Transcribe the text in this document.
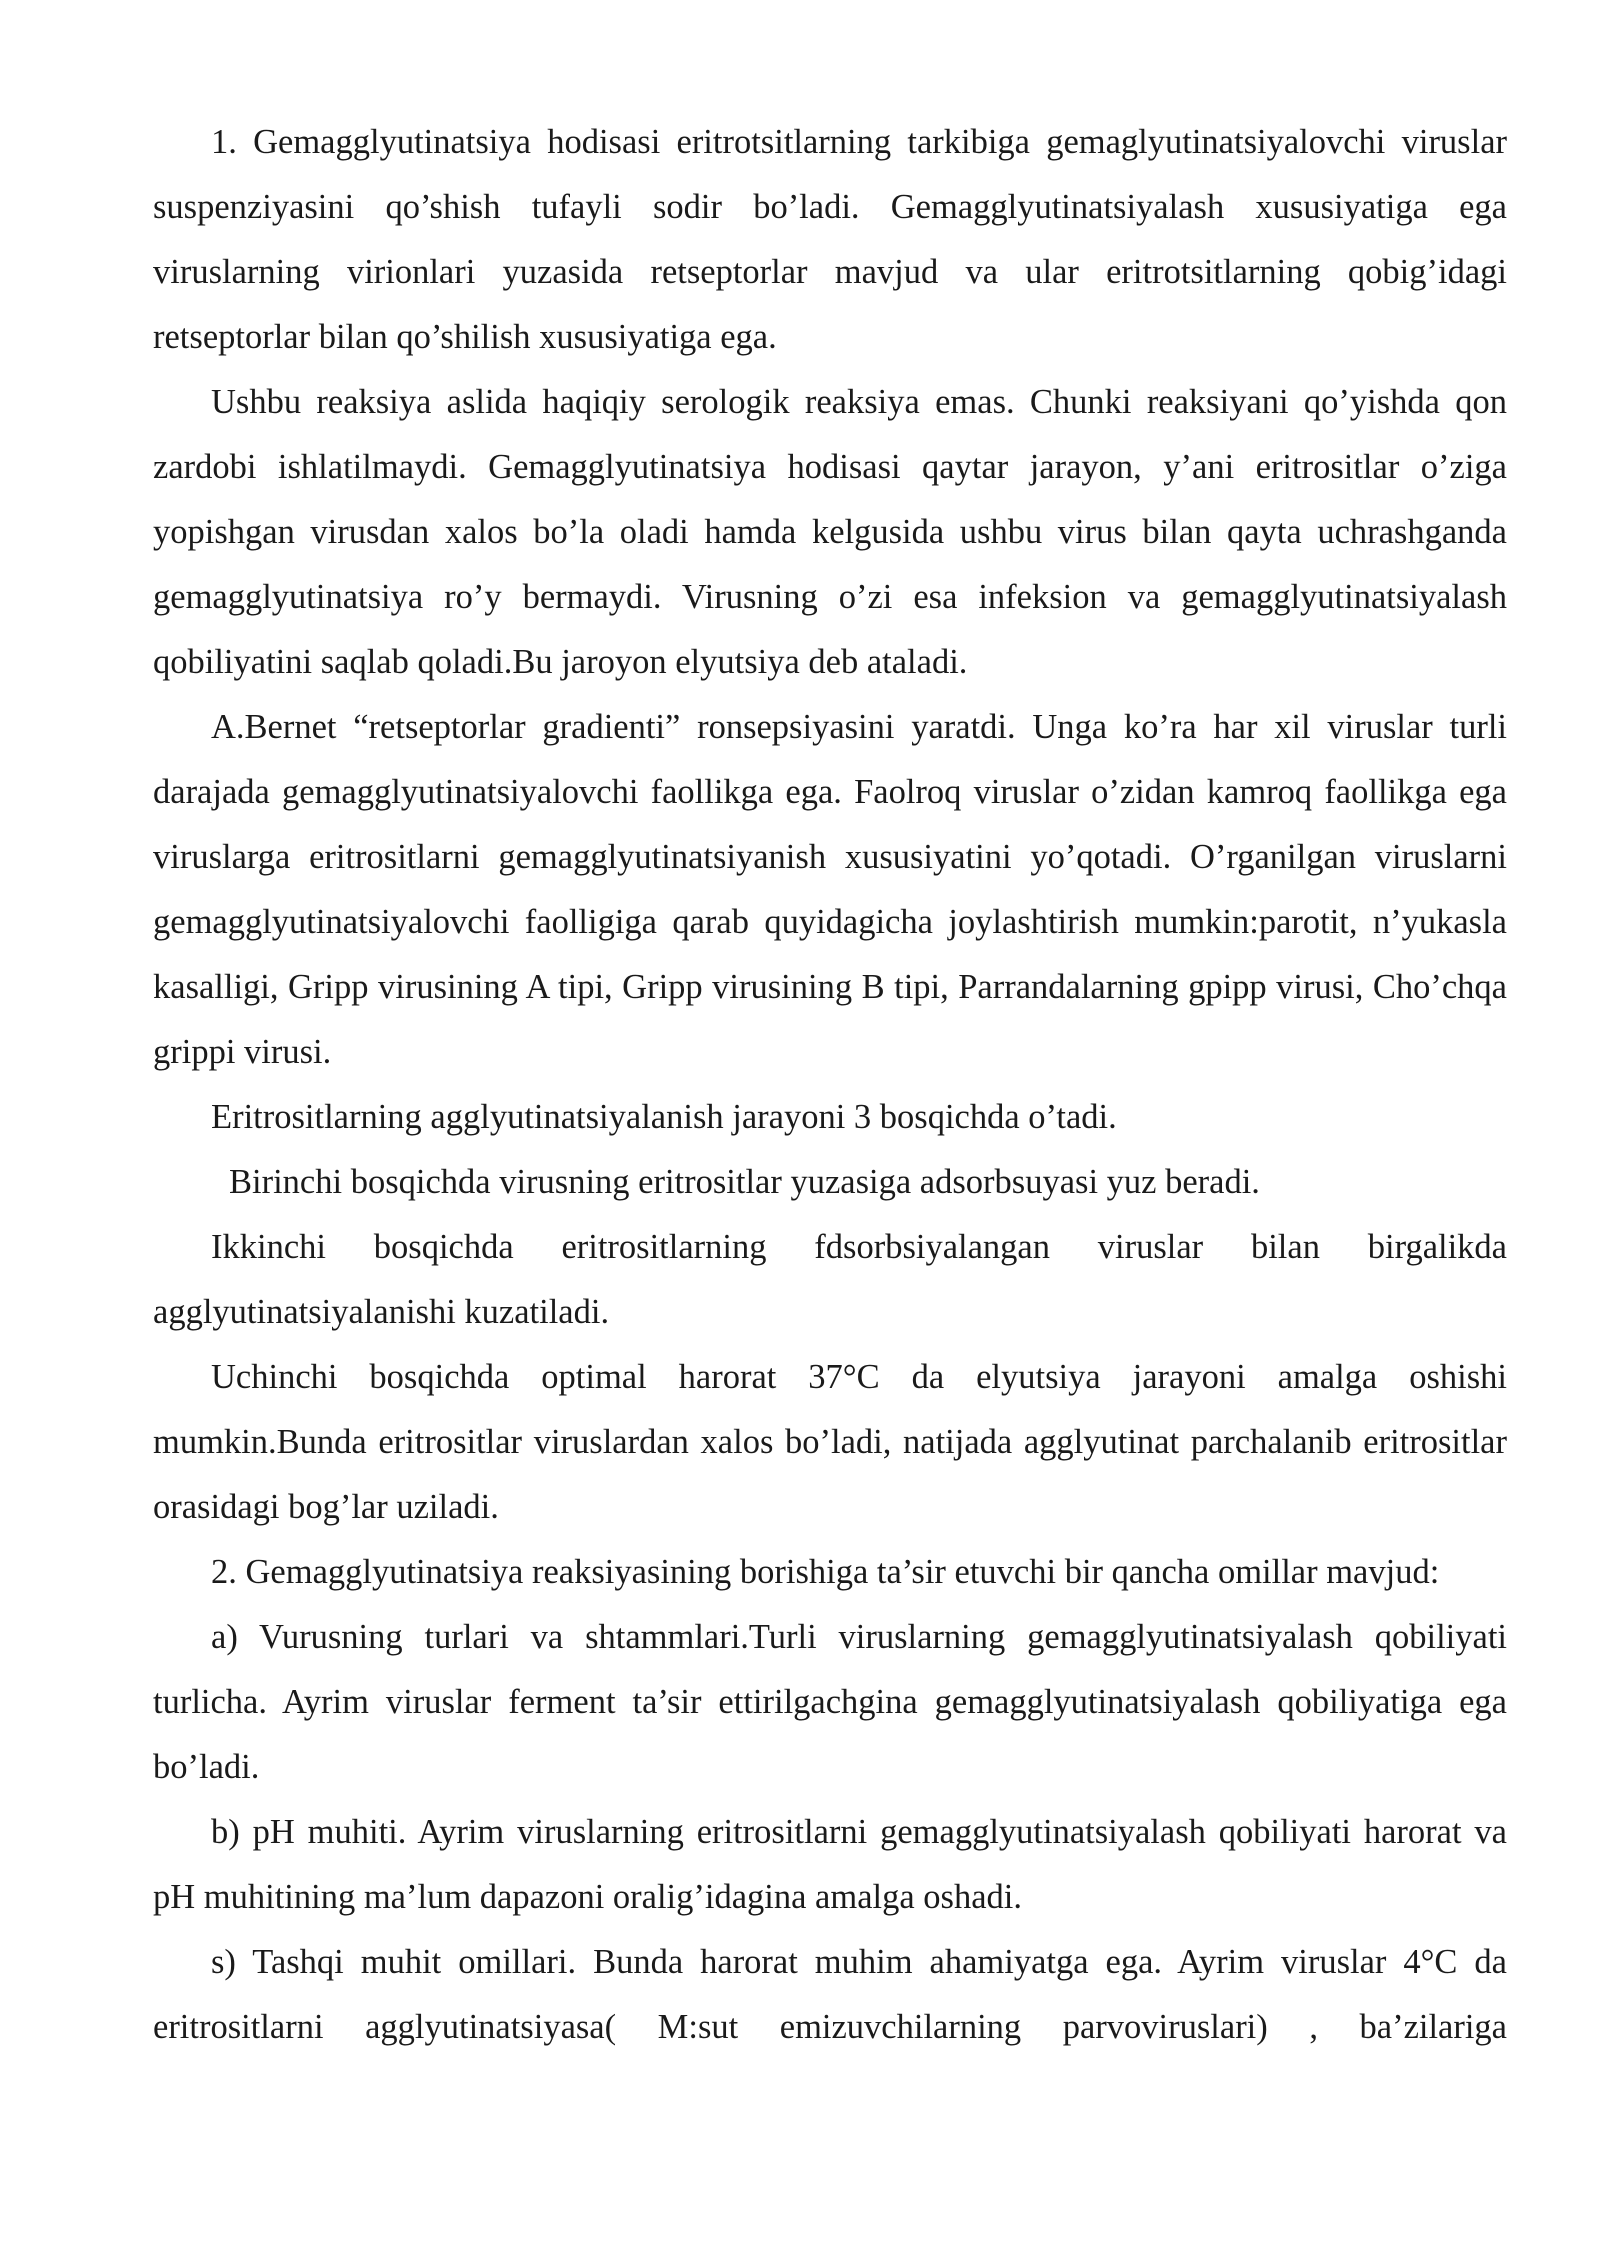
1. Gemagglyutinatsiya hodisasi eritrotsitlarning tarkibiga gemaglyutinatsiyalovchi viruslar suspenziyasini qo’shish tufayli sodir bo’ladi. Gemagglyutinatsiyalash xususiyatiga ega viruslarning virionlari yuzasida retseptorlar mavjud va ular eritrotsitlarning qobig’idagi retseptorlar bilan qo’shilish xususiyatiga ega.

Ushbu reaksiya aslida haqiqiy serologik reaksiya emas. Chunki reaksiyani qo’yishda qon zardobi ishlatilmaydi. Gemagglyutinatsiya hodisasi qaytar jarayon, y’ani eritrositlar o’ziga yopishgan virusdan xalos bo’la oladi hamda kelgusida ushbu virus bilan qayta uchrashganda gemagglyutinatsiya ro’y bermaydi. Virusning o’zi esa infeksion va gemagglyutinatsiyalash qobiliyatini saqlab qoladi.Bu jaroyon elyutsiya deb ataladi.

A.Bernet “retseptorlar gradienti” ronsepsiyasini yaratdi. Unga ko’ra har xil viruslar turli darajada gemagglyutinatsiyalovchi faollikga ega. Faolroq viruslar o’zidan kamroq faollikga ega viruslarga eritrositlarni gemagglyutinatsiyanish xususiyatini yo’qotadi. O’rganilgan viruslarni gemagglyutinatsiyalovchi faolligiga qarab quyidagicha joylashtirish mumkin:parotit, n’yukasla kasalligi, Gripp virusining A tipi, Gripp virusining B tipi, Parrandalarning gpipp virusi, Cho’chqa grippi virusi.

Eritrositlarning agglyutinatsiyalanish jarayoni 3 bosqichda o’tadi.

Birinchi bosqichda virusning eritrositlar yuzasiga adsorbsuyasi yuz beradi.

Ikkinchi bosqichda eritrositlarning fdsorbsiyalangan viruslar bilan birgalikda agglyutinatsiyalanishi kuzatiladi.

Uchinchi bosqichda optimal harorat 37°C da elyutsiya jarayoni amalga oshishi mumkin.Bunda eritrositlar viruslardan xalos bo’ladi, natijada agglyutinat parchalanib eritrositlar orasidagi bog’lar uziladi.

2. Gemagglyutinatsiya reaksiyasining borishiga ta’sir etuvchi bir qancha omillar mavjud:

a) Vurusning turlari va shtammlari.Turli viruslarning gemagglyutinatsiyalash qobiliyati turlicha. Ayrim viruslar ferment ta’sir ettirilgachgina gemagglyutinatsiyalash qobiliyatiga ega bo’ladi.

b) pH muhiti. Ayrim viruslarning eritrositlarni gemagglyutinatsiyalash qobiliyati harorat va pH muhitining ma’lum dapazoni oralig’idagina amalga oshadi.

s) Tashqi muhit omillari. Bunda harorat muhim ahamiyatga ega. Ayrim viruslar 4°C da eritrositlarni agglyutinatsiyasa( M:sut emizuvchilarning parvoviruslari) , ba’zilariga
